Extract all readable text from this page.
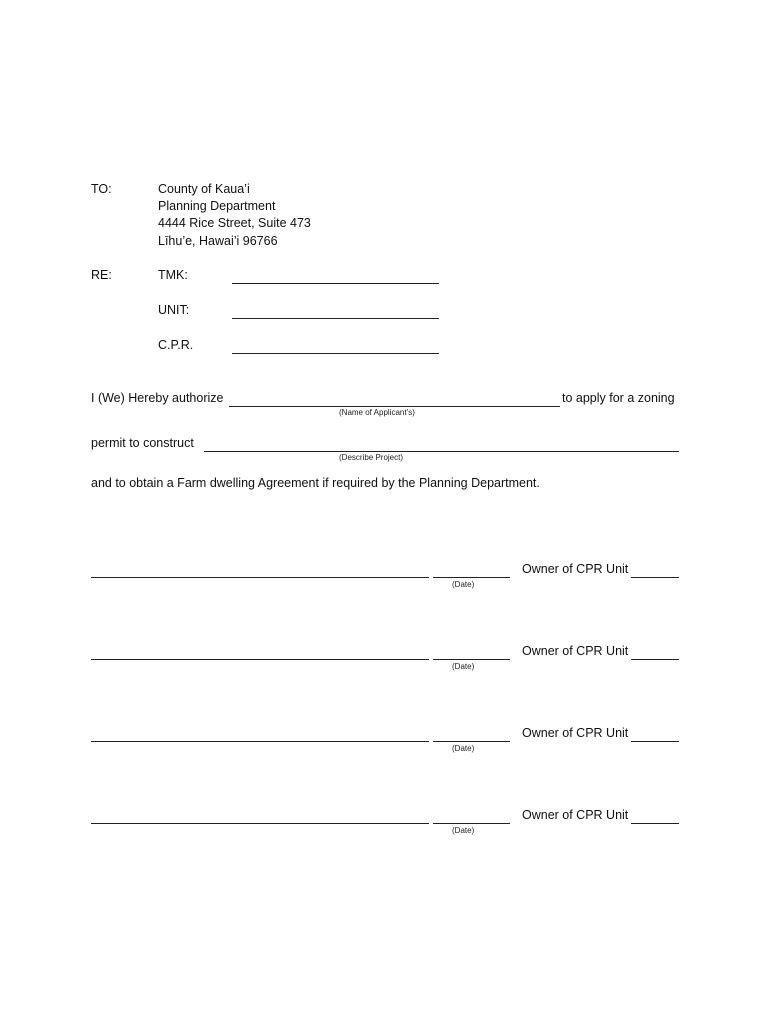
TO:	County of Kaua’i
Planning Department
4444 Rice Street, Suite 473
Līhu’e, Hawai’i 96766
RE:	TMK:
UNIT:
C.P.R.
I (We) Hereby authorize	to apply for a zoning
(Name of Applicant’s)
permit to construct
(Describe Project)
and to obtain a Farm dwelling Agreement if required by the Planning Department.
Owner of CPR Unit
(Date)
Owner of CPR Unit
(Date)
Owner of CPR Unit
(Date)
Owner of CPR Unit
(Date)
